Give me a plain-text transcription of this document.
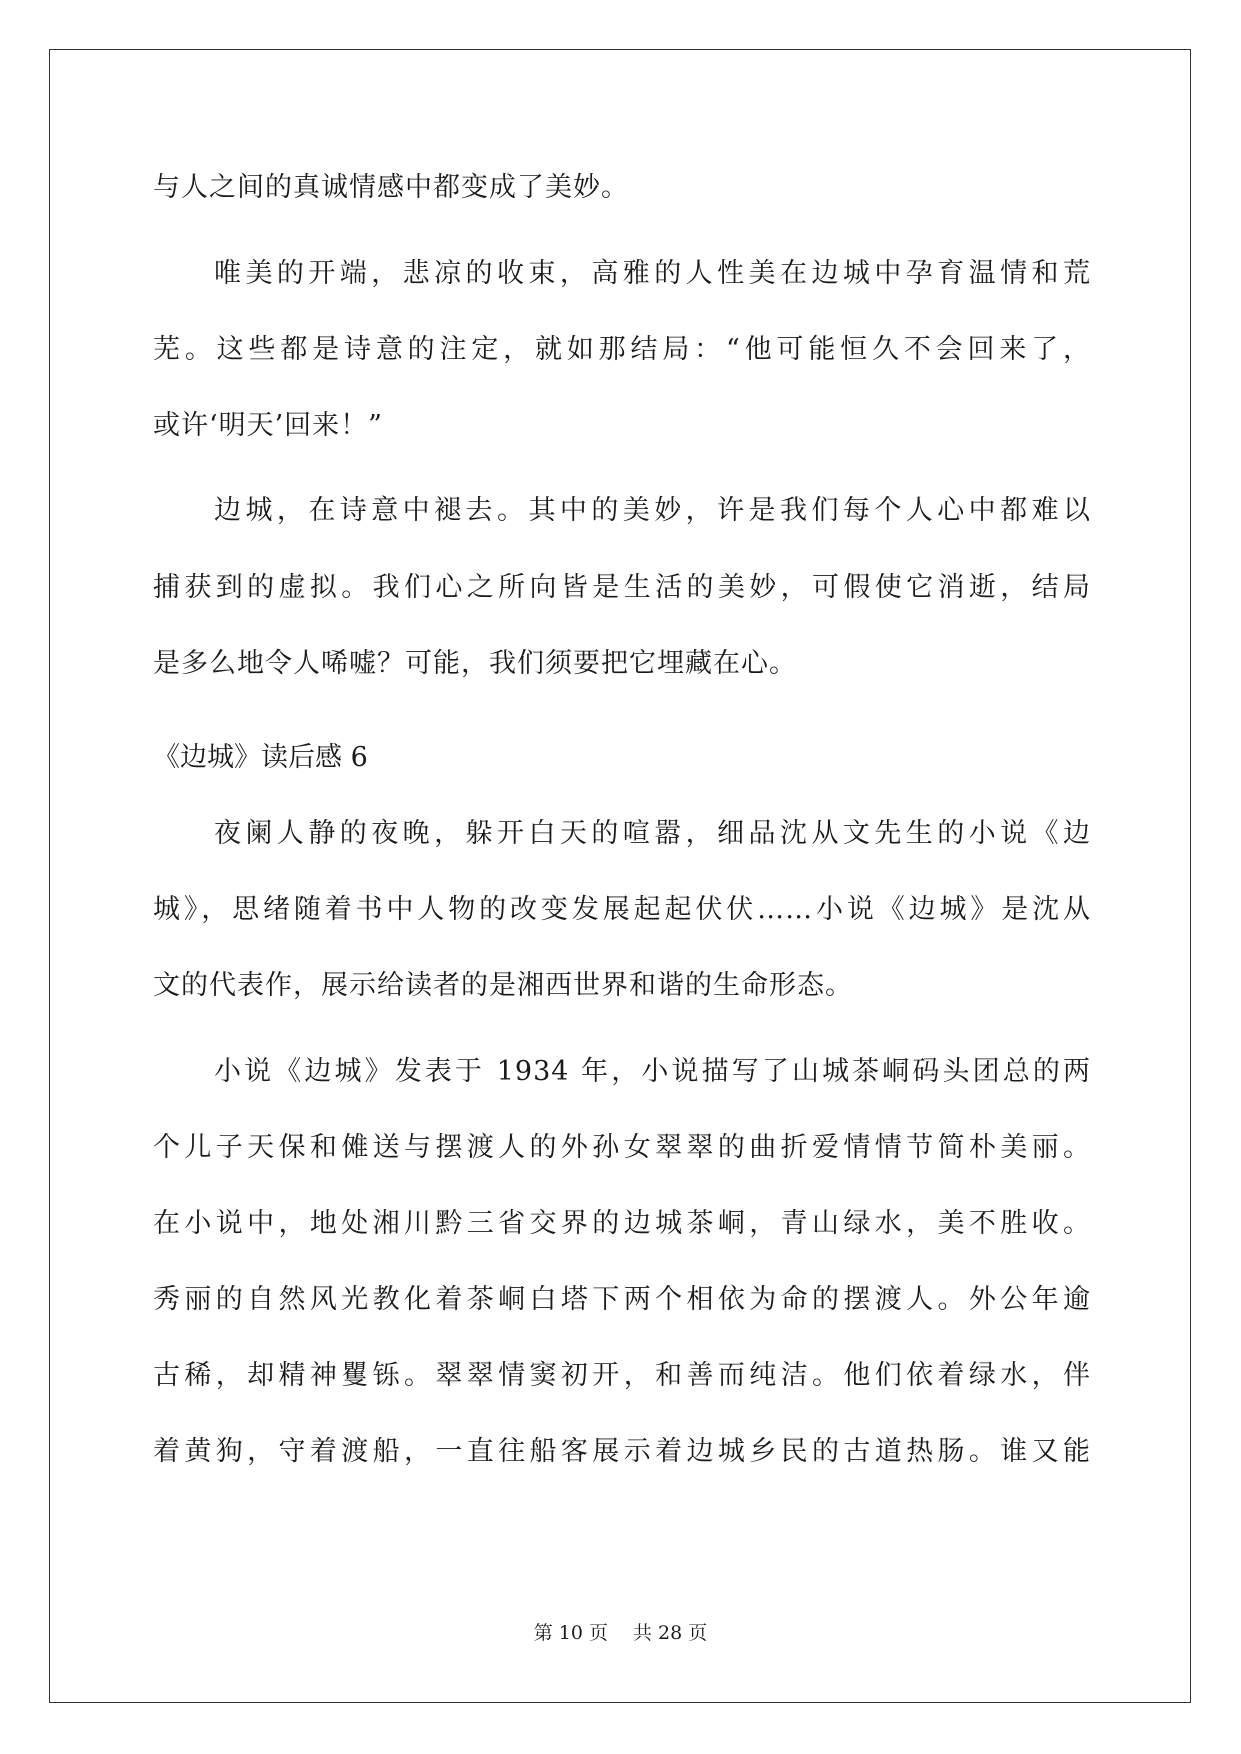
与人之间的真诚情感中都变成了美妙。
唯美的开端，悲凉的收束，高雅的人性美在边城中孕育温情和荒
芜。这些都是诗意的注定，就如那结局：“他可能恒久不会回来了，
或许‘明天’回来！”
边城，在诗意中褪去。其中的美妙，许是我们每个人心中都难以
捕获到的虚拟。我们心之所向皆是生活的美妙，可假使它消逝，结局
是多么地令人唏嘘？可能，我们须要把它埋藏在心。
《边城》读后感 6
夜阑人静的夜晚，躲开白天的喧嚣，细品沈从文先生的小说《边
城》，思绪随着书中人物的改变发展起起伏伏……小说《边城》是沈从
文的代表作，展示给读者的是湘西世界和谐的生命形态。
小说《边城》发表于 1934 年，小说描写了山城茶峒码头团总的两
个儿子天保和傩送与摆渡人的外孙女翠翠的曲折爱情情节简朴美丽。
在小说中，地处湘川黔三省交界的边城茶峒，青山绿水，美不胜收。
秀丽的自然风光教化着茶峒白塔下两个相依为命的摆渡人。外公年逾
古稀，却精神矍铄。翠翠情窦初开，和善而纯洁。他们依着绿水，伴
着黄狗，守着渡船，一直往船客展示着边城乡民的古道热肠。谁又能
第 10 页　 共 28 页
